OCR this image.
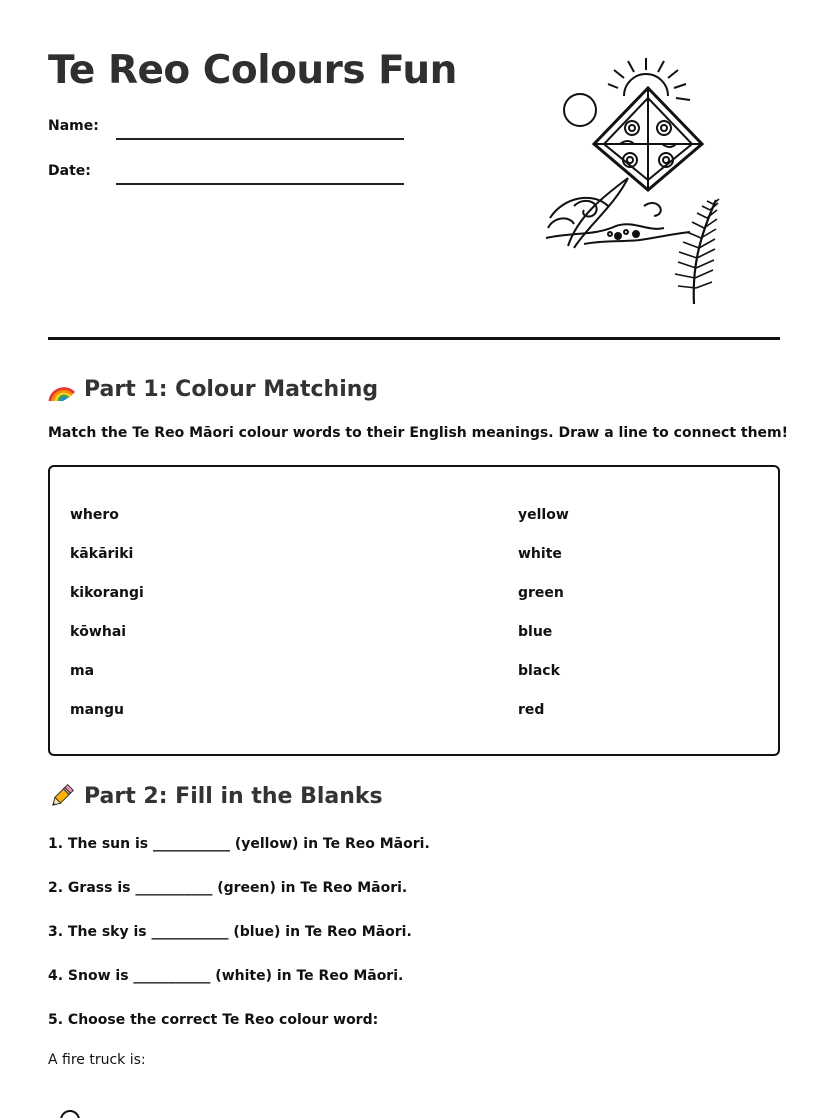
Te Reo Colours Fun
Name:
Date:
Part 1: Colour Matching
Match the Te Reo Māori colour words to their English meanings. Draw a line to connect them!
whero
kākāriki
kikorangi
kōwhai
ma
mangu
yellow
white
green
blue
black
red
Part 2: Fill in the Blanks
1. The sun is ___________ (yellow) in Te Reo Māori.
2. Grass is ___________ (green) in Te Reo Māori.
3. The sky is ___________ (blue) in Te Reo Māori.
4. Snow is ___________ (white) in Te Reo Māori.
5. Choose the correct Te Reo colour word:
A fire truck is:
